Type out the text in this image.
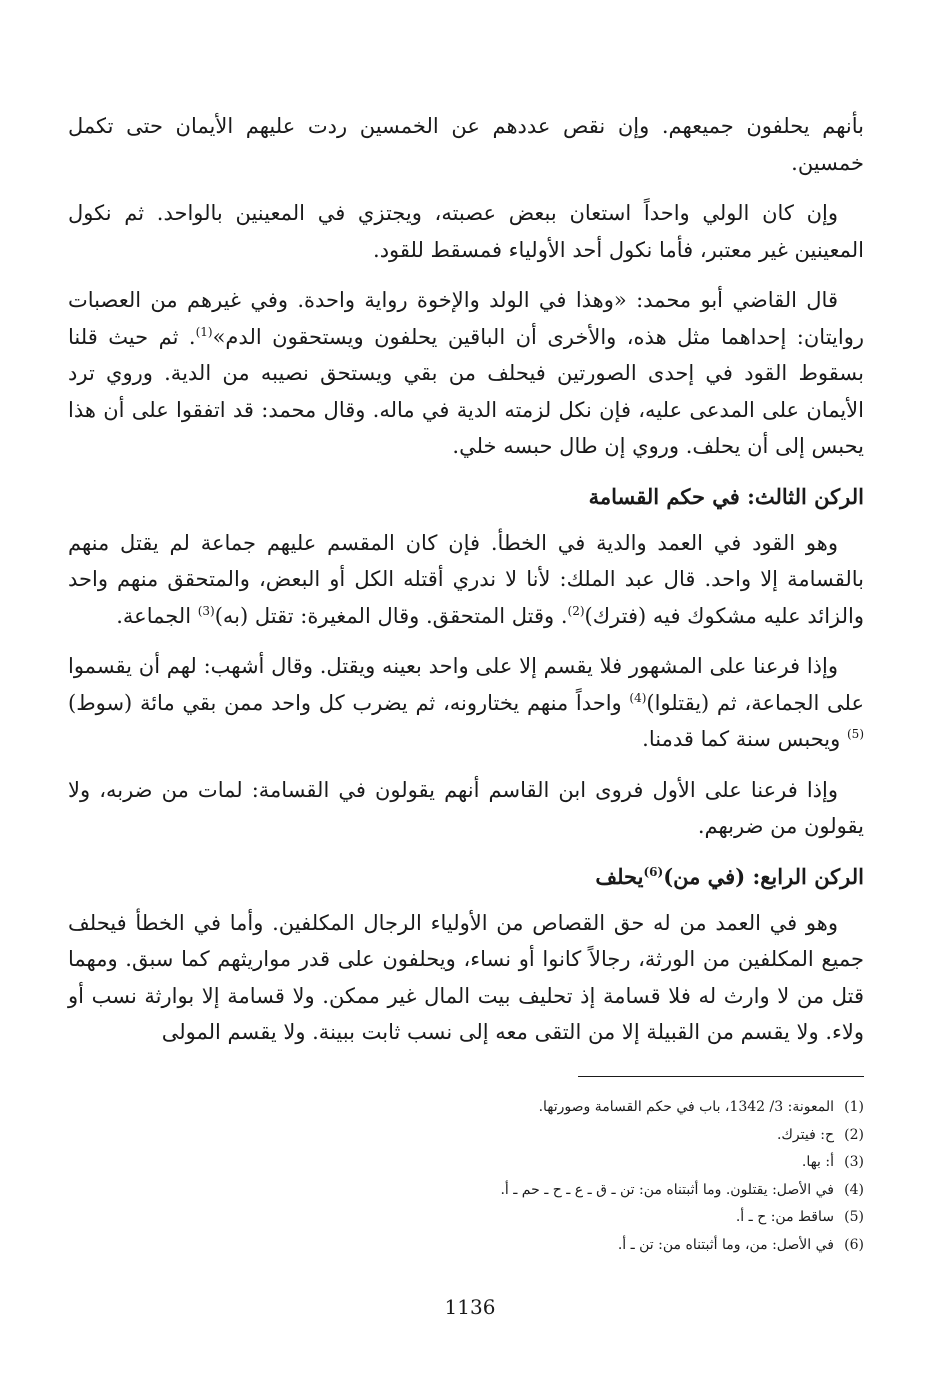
بأنهم يحلفون جميعهم. وإن نقص عددهم عن الخمسين ردت عليهم الأيمان حتى تكمل خمسين.

وإن كان الولي واحداً استعان ببعض عصبته، ويجتزي في المعينين بالواحد. ثم نكول المعينين غير معتبر، فأما نكول أحد الأولياء فمسقط للقود.

قال القاضي أبو محمد: «وهذا في الولد والإخوة رواية واحدة. وفي غيرهم من العصبات روايتان: إحداهما مثل هذه، والأخرى أن الباقين يحلفون ويستحقون الدم»$^{(1)}$. ثم حيث قلنا بسقوط القود في إحدى الصورتين فيحلف من بقي ويستحق نصيبه من الدية. وروي ترد الأيمان على المدعى عليه، فإن نكل لزمته الدية في ماله. وقال محمد: قد اتفقوا على أن هذا يحبس إلى أن يحلف. وروي إن طال حبسه خلي.

الركن الثالث: في حكم القسامة

وهو القود في العمد والدية في الخطأ. فإن كان المقسم عليهم جماعة لم يقتل منهم بالقسامة إلا واحد. قال عبد الملك: لأنا لا ندري أقتله الكل أو البعض، والمتحقق منهم واحد والزائد عليه مشكوك فيه (فترك)$^{(2)}$. وقتل المتحقق. وقال المغيرة: تقتل (به)$^{(3)}$ الجماعة.

وإذا فرعنا على المشهور فلا يقسم إلا على واحد بعينه ويقتل. وقال أشهب: لهم أن يقسموا على الجماعة، ثم (يقتلوا)$^{(4)}$ واحداً منهم يختارونه، ثم يضرب كل واحد ممن بقي مائة (سوط)$^{(5)}$ ويحبس سنة كما قدمنا.

وإذا فرعنا على الأول فروى ابن القاسم أنهم يقولون في القسامة: لمات من ضربه، ولا يقولون من ضربهم.

الركن الرابع: (في من)$^{(6)}$يحلف

وهو في العمد من له حق القصاص من الأولياء الرجال المكلفين. وأما في الخطأ فيحلف جميع المكلفين من الورثة، رجالاً كانوا أو نساء، ويحلفون على قدر مواريثهم كما سبق. ومهما قتل من لا وارث له فلا قسامة إذ تحليف بيت المال غير ممكن. ولا قسامة إلا بوارثة نسب أو ولاء. ولا يقسم من القبيلة إلا من التقى معه إلى نسب ثابت ببينة. ولا يقسم المولى

(1)المعونة: 3/ 1342، باب في حكم القسامة وصورتها.
(2)ح: فيترك.
(3)أ: بها.
(4)في الأصل: يقتلون. وما أثبتناه من: تن ـ ق ـ ع ـ ح ـ حم ـ أ.
(5)ساقط من: ح ـ أ.
(6)في الأصل: من، وما أثبتناه من: تن ـ أ.
1136
